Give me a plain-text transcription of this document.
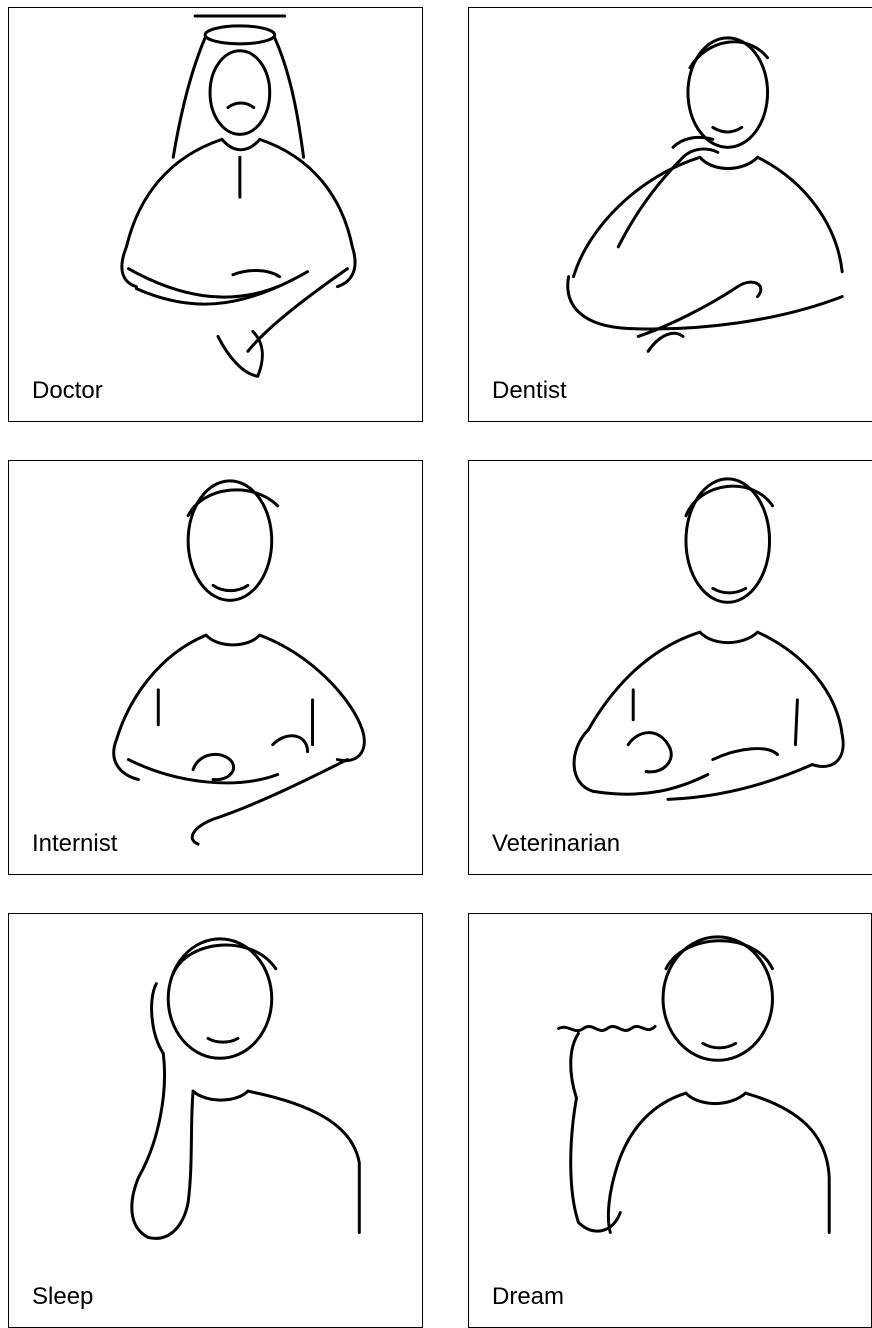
Doctor	Dentist
Internist	Veterinarian
Sleep	Dream
